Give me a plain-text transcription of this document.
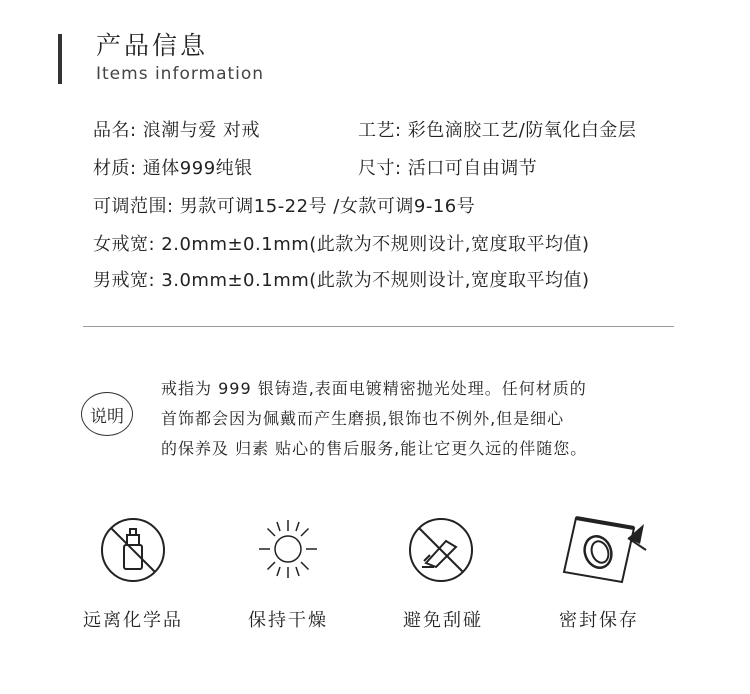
产品信息
Items information
品名: 浪潮与爱 对戒	工艺: 彩色滴胶工艺/防氧化白金层
材质: 通体999纯银	尺寸: 活口可自由调节
可调范围: 男款可调15-22号 /女款可调9-16号
女戒宽: 2.0mm±0.1mm(此款为不规则设计,宽度取平均值)
男戒宽: 3.0mm±0.1mm(此款为不规则设计,宽度取平均值)
说明
戒指为 999 银铸造,表面电镀精密抛光处理。任何材质的
首饰都会因为佩戴而产生磨损,银饰也不例外,但是细心
的保养及 归素 贴心的售后服务,能让它更久远的伴随您。
远离化学品	保持干燥	避免刮碰	密封保存
